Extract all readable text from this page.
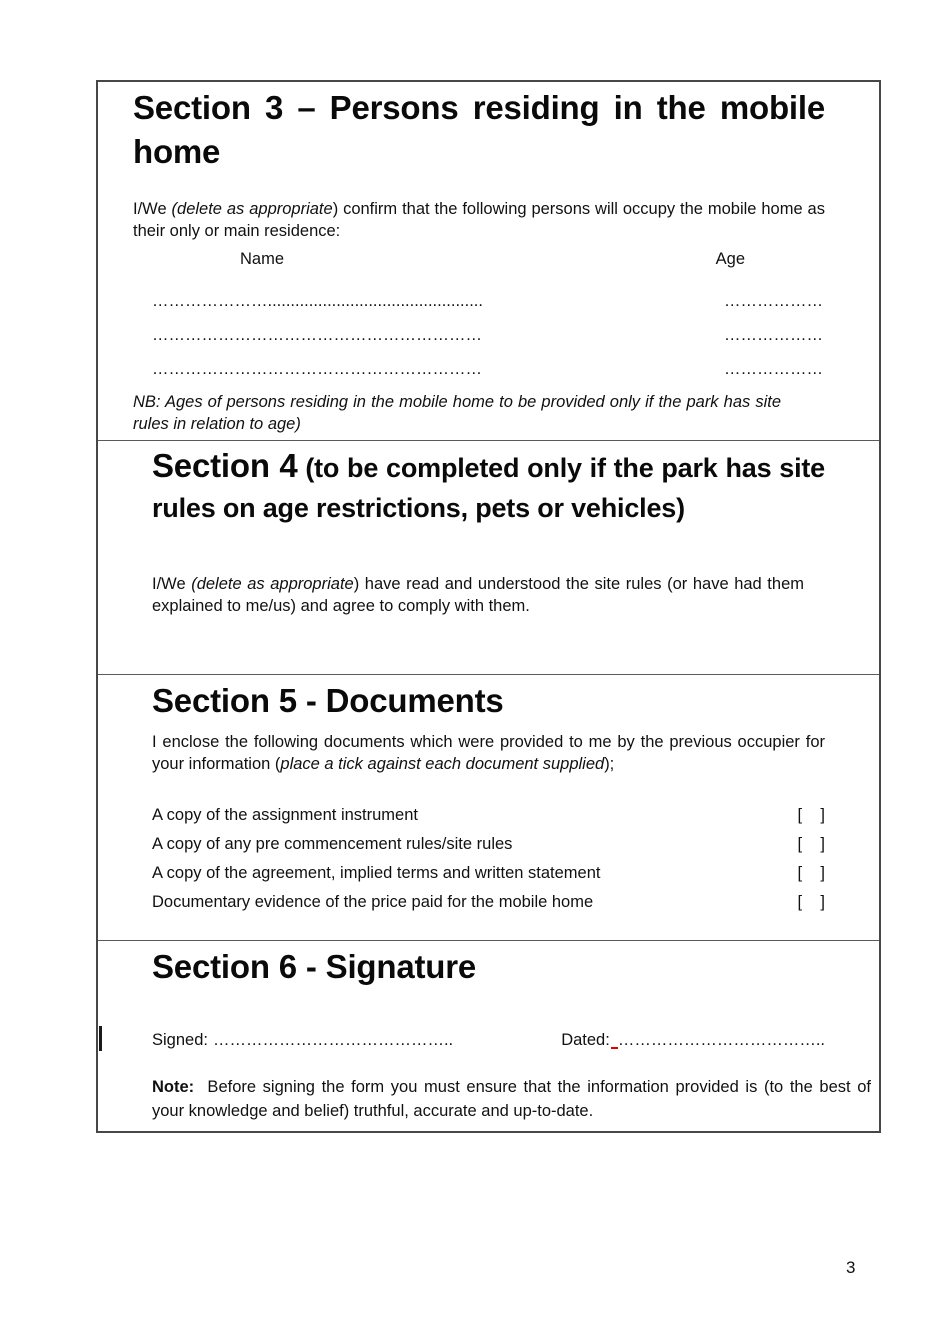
Section 3 – Persons residing in the mobile home

I/We (delete as appropriate) confirm that the following persons will occupy the mobile home as their only or main residence:

Name	Age
…………………...............................................	………………
……………………………………………………	………………
……………………………………………………	………………

NB: Ages of persons residing in the mobile home to be provided only if the park has site rules in relation to age)

Section 4 (to be completed only if the park has site rules on age restrictions, pets or vehicles)

I/We (delete as appropriate) have read and understood the site rules (or have had them explained to me/us) and agree to comply with them.

Section 5 - Documents

I enclose the following documents which were provided to me by the previous occupier for your information (place a tick against each document supplied);

A copy of the assignment instrument	[    ]
A copy of any pre commencement rules/site rules	[    ]
A copy of the agreement, implied terms and written statement	[    ]
Documentary evidence of the price paid for the mobile home	[    ]
Section 6 - Signature
Signed: ……………………………………..	Dated: ………………………………..

Note:  Before signing the form you must ensure that the information provided is (to the best of your knowledge and belief) truthful, accurate and up-to-date.

3
